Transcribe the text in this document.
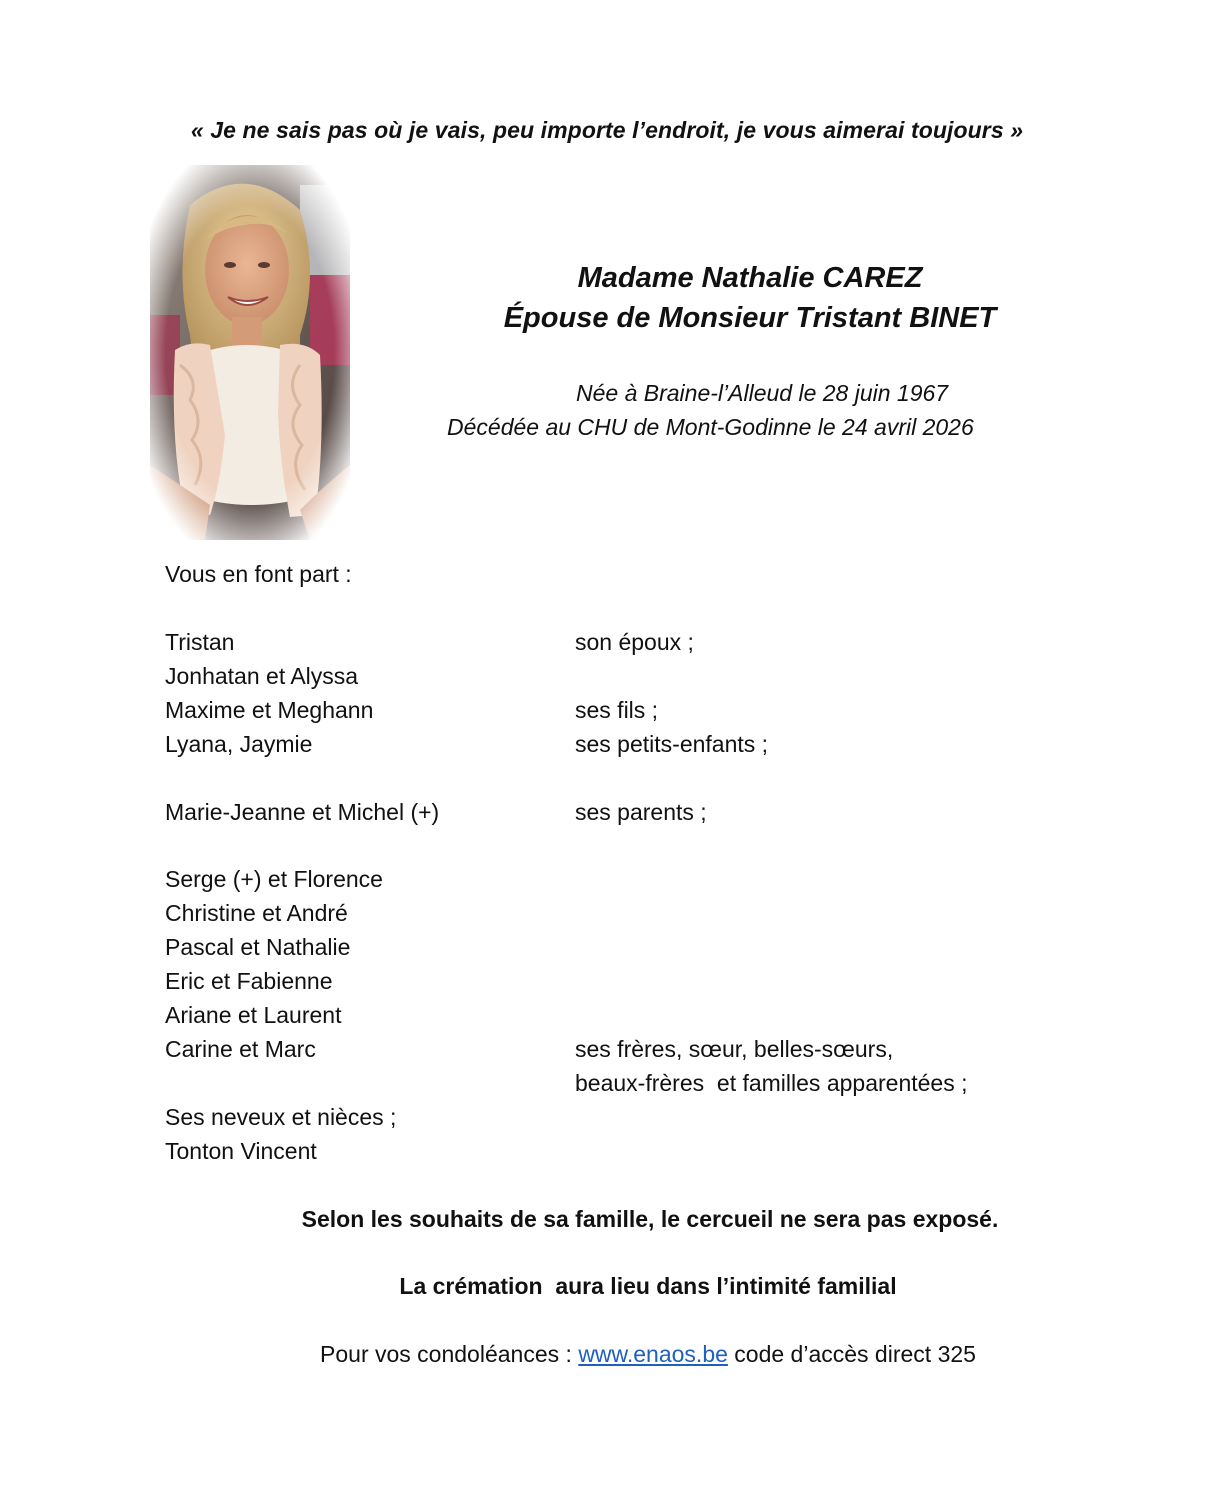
« Je ne sais pas où je vais, peu importe l’endroit, je vous aimerai toujours »
Madame Nathalie CAREZ
Épouse de Monsieur Tristant BINET
Née à Braine-l’Alleud le 28 juin 1967
Décédée au CHU de Mont-Godinne le 24 avril 2026
Vous en font part :
Tristan	son époux ;
Jonhatan et Alyssa
Maxime et Meghann	ses fils ;
Lyana, Jaymie	ses petits-enfants ;
Marie-Jeanne et Michel (+)	ses parents ;
Serge (+) et Florence
Christine et André
Pascal et Nathalie
Eric et Fabienne
Ariane et Laurent
Carine et Marc	ses frères, sœur, belles-sœurs,
beaux-frères  et familles apparentées ;
Ses neveux et nièces ;
Tonton Vincent
Selon les souhaits de sa famille, le cercueil ne sera pas exposé.
La crémation  aura lieu dans l’intimité familial
Pour vos condoléances : www.enaos.be code d’accès direct 325
